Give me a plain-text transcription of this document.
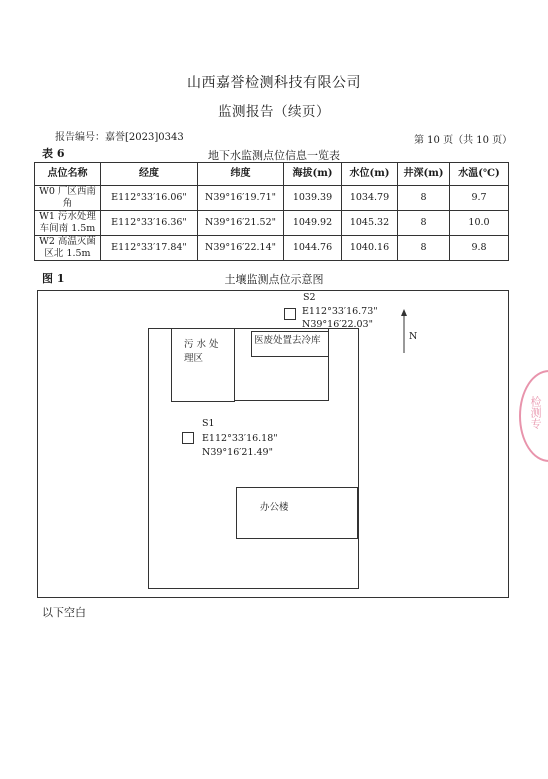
山西嘉誉检测科技有限公司
监测报告（续页）
报告编号：嘉誉[2023]0343	第 10 页（共 10 页）
表 6	地下水监测点位信息一览表
点位名称	经度	纬度	海拔(m)	水位(m)	井深(m)	水温(℃)
W0 厂区西南角	E112°33′16.06"	N39°16′19.71"	1039.39	1034.79	8	9.7
W1 污水处理车间南 1.5m	E112°33′16.36"	N39°16′21.52"	1049.92	1045.32	8	10.0
W2 高温灭菌区北 1.5m	E112°33′17.84"	N39°16′22.14"	1044.76	1040.16	8	9.8
图 1	土壤监测点位示意图
污 水 处 理区
医废处置去冷库
办公楼
S2
E112°33′16.73"
N39°16′22.03"
S1
E112°33′16.18"
N39°16′21.49"
N
以下空白
检测专
